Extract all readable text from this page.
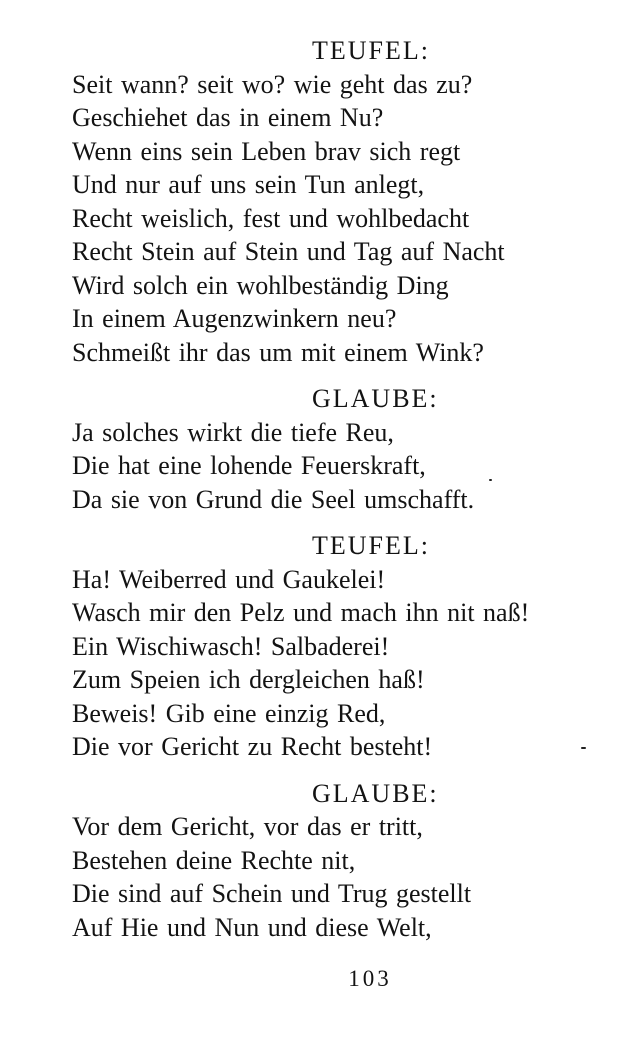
TEUFEL:
Seit wann? seit wo? wie geht das zu?
Geschiehet das in einem Nu?
Wenn eins sein Leben brav sich regt
Und nur auf uns sein Tun anlegt,
Recht weislich, fest und wohlbedacht
Recht Stein auf Stein und Tag auf Nacht
Wird solch ein wohlbeständig Ding
In einem Augenzwinkern neu?
Schmeißt ihr das um mit einem Wink?
GLAUBE:
Ja solches wirkt die tiefe Reu,
Die hat eine lohende Feuerskraft,
Da sie von Grund die Seel umschafft.
TEUFEL:
Ha! Weiberred und Gaukelei!
Wasch mir den Pelz und mach ihn nit naß!
Ein Wischiwasch! Salbaderei!
Zum Speien ich dergleichen haß!
Beweis! Gib eine einzig Red,
Die vor Gericht zu Recht besteht!
GLAUBE:
Vor dem Gericht, vor das er tritt,
Bestehen deine Rechte nit,
Die sind auf Schein und Trug gestellt
Auf Hie und Nun und diese Welt,
103
